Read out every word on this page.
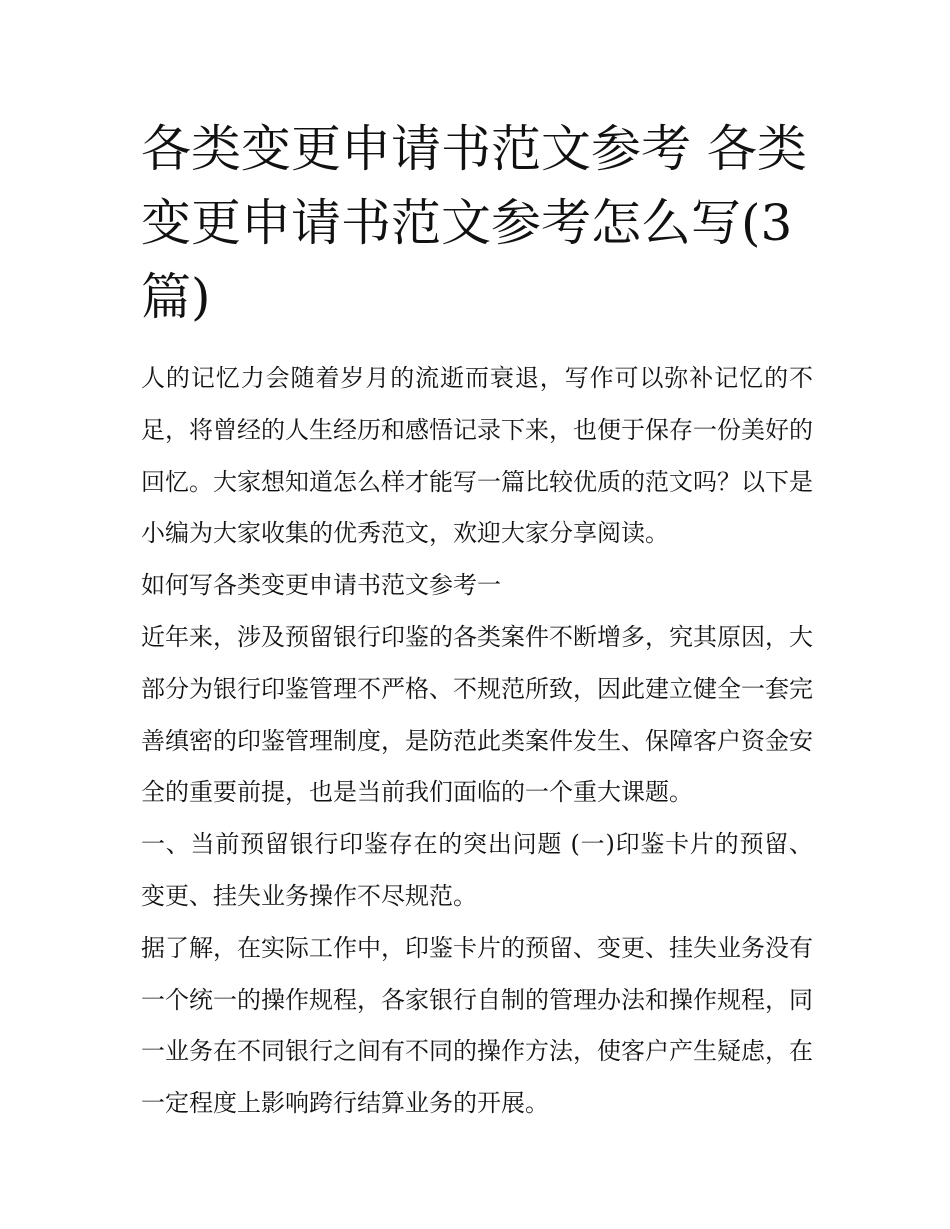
各类变更申请书范文参考 各类变更申请书范文参考怎么写(3篇)

人的记忆力会随着岁月的流逝而衰退，写作可以弥补记忆的不足，将曾经的人生经历和感悟记录下来，也便于保存一份美好的回忆。大家想知道怎么样才能写一篇比较优质的范文吗？以下是小编为大家收集的优秀范文，欢迎大家分享阅读。

如何写各类变更申请书范文参考一

近年来，涉及预留银行印鉴的各类案件不断增多，究其原因，大部分为银行印鉴管理不严格、不规范所致，因此建立健全一套完善缜密的印鉴管理制度，是防范此类案件发生、保障客户资金安全的重要前提，也是当前我们面临的一个重大课题。

一、当前预留银行印鉴存在的突出问题 (一)印鉴卡片的预留、变更、挂失业务操作不尽规范。

据了解，在实际工作中，印鉴卡片的预留、变更、挂失业务没有一个统一的操作规程，各家银行自制的管理办法和操作规程，同一业务在不同银行之间有不同的操作方法，使客户产生疑虑，在一定程度上影响跨行结算业务的开展。
